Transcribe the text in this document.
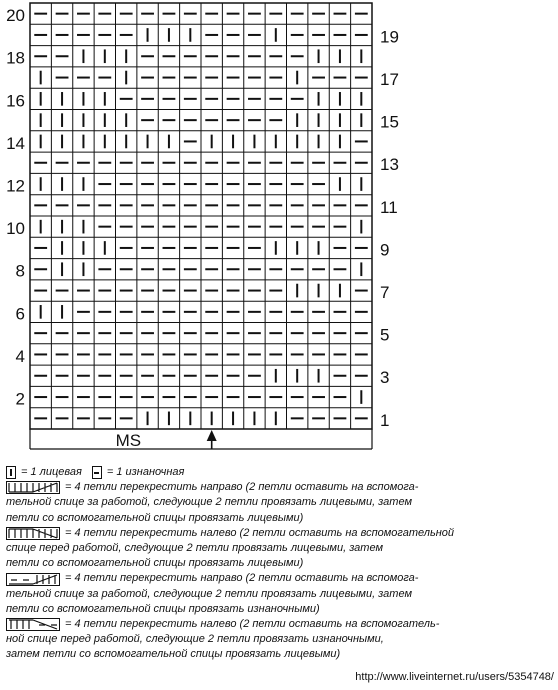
2
4
6
8
10
12
14
16
18
20
1
3
5
7
9
11
13
15
17
19
MS
= 1 лицевая = 1 изнаночная
= 4 петли перекрестить направо (2 петли оставить на вспомога-
тельной спице за работой, следующие 2 петли провязать лицевыми, затем
петли со вспомогательной спицы провязать лицевыми)
= 4 петли перекрестить налево (2 петли оставить на вспомогательной
спице перед работой, следующие 2 петли провязать лицевыми, затем
петли со вспомогательной спицы провязать лицевыми)
= 4 петли перекрестить направо (2 петли оставить на вспомога-
тельной спице за работой, следующие 2 петли провязать лицевыми, затем
петли со вспомогательной спицы провязать изнаночными)
= 4 петли перекрестить налево (2 петли оставить на вспомогатель-
ной спице перед работой, следующие 2 петли провязать изнаночными,
затем петли со вспомогательной спицы провязать лицевыми)
http://www.liveinternet.ru/users/5354748/
